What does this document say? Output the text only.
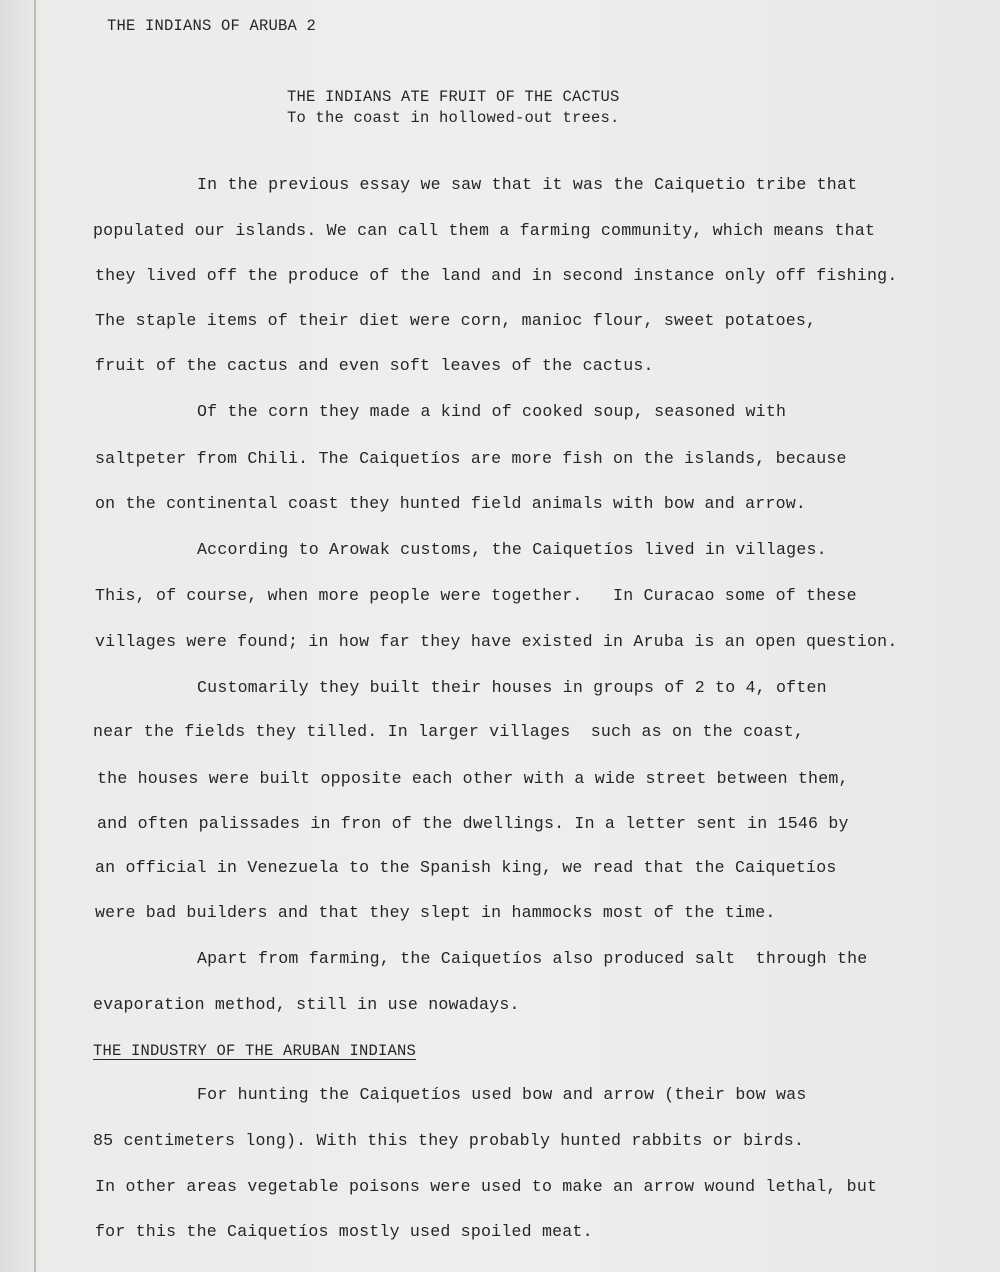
THE INDIANS OF ARUBA 2
THE INDIANS ATE FRUIT OF THE CACTUS
To the coast in hollowed-out trees.
In the previous essay we saw that it was the Caiquetio tribe that
populated our islands. We can call them a farming community, which means that
they lived off the produce of the land and in second instance only off fishing.
The staple items of their diet were corn, manioc flour, sweet potatoes,
fruit of the cactus and even soft leaves of the cactus.
Of the corn they made a kind of cooked soup, seasoned with
saltpeter from Chili. The Caiquetíos are more fish on the islands, because
on the continental coast they hunted field animals with bow and arrow.
According to Arowak customs, the Caiquetíos lived in villages.
This, of course, when more people were together.   In Curacao some of these
villages were found; in how far they have existed in Aruba is an open question.
Customarily they built their houses in groups of 2 to 4, often
near the fields they tilled. In larger villages  such as on the coast,
the houses were built opposite each other with a wide street between them,
and often palissades in fron of the dwellings. In a letter sent in 1546 by
an official in Venezuela to the Spanish king, we read that the Caiquetíos
were bad builders and that they slept in hammocks most of the time.
Apart from farming, the Caiquetíos also produced salt  through the
evaporation method, still in use nowadays.
THE INDUSTRY OF THE ARUBAN INDIANS
For hunting the Caiquetíos used bow and arrow (their bow was
85 centimeters long). With this they probably hunted rabbits or birds.
In other areas vegetable poisons were used to make an arrow wound lethal, but
for this the Caiquetíos mostly used spoiled meat.
